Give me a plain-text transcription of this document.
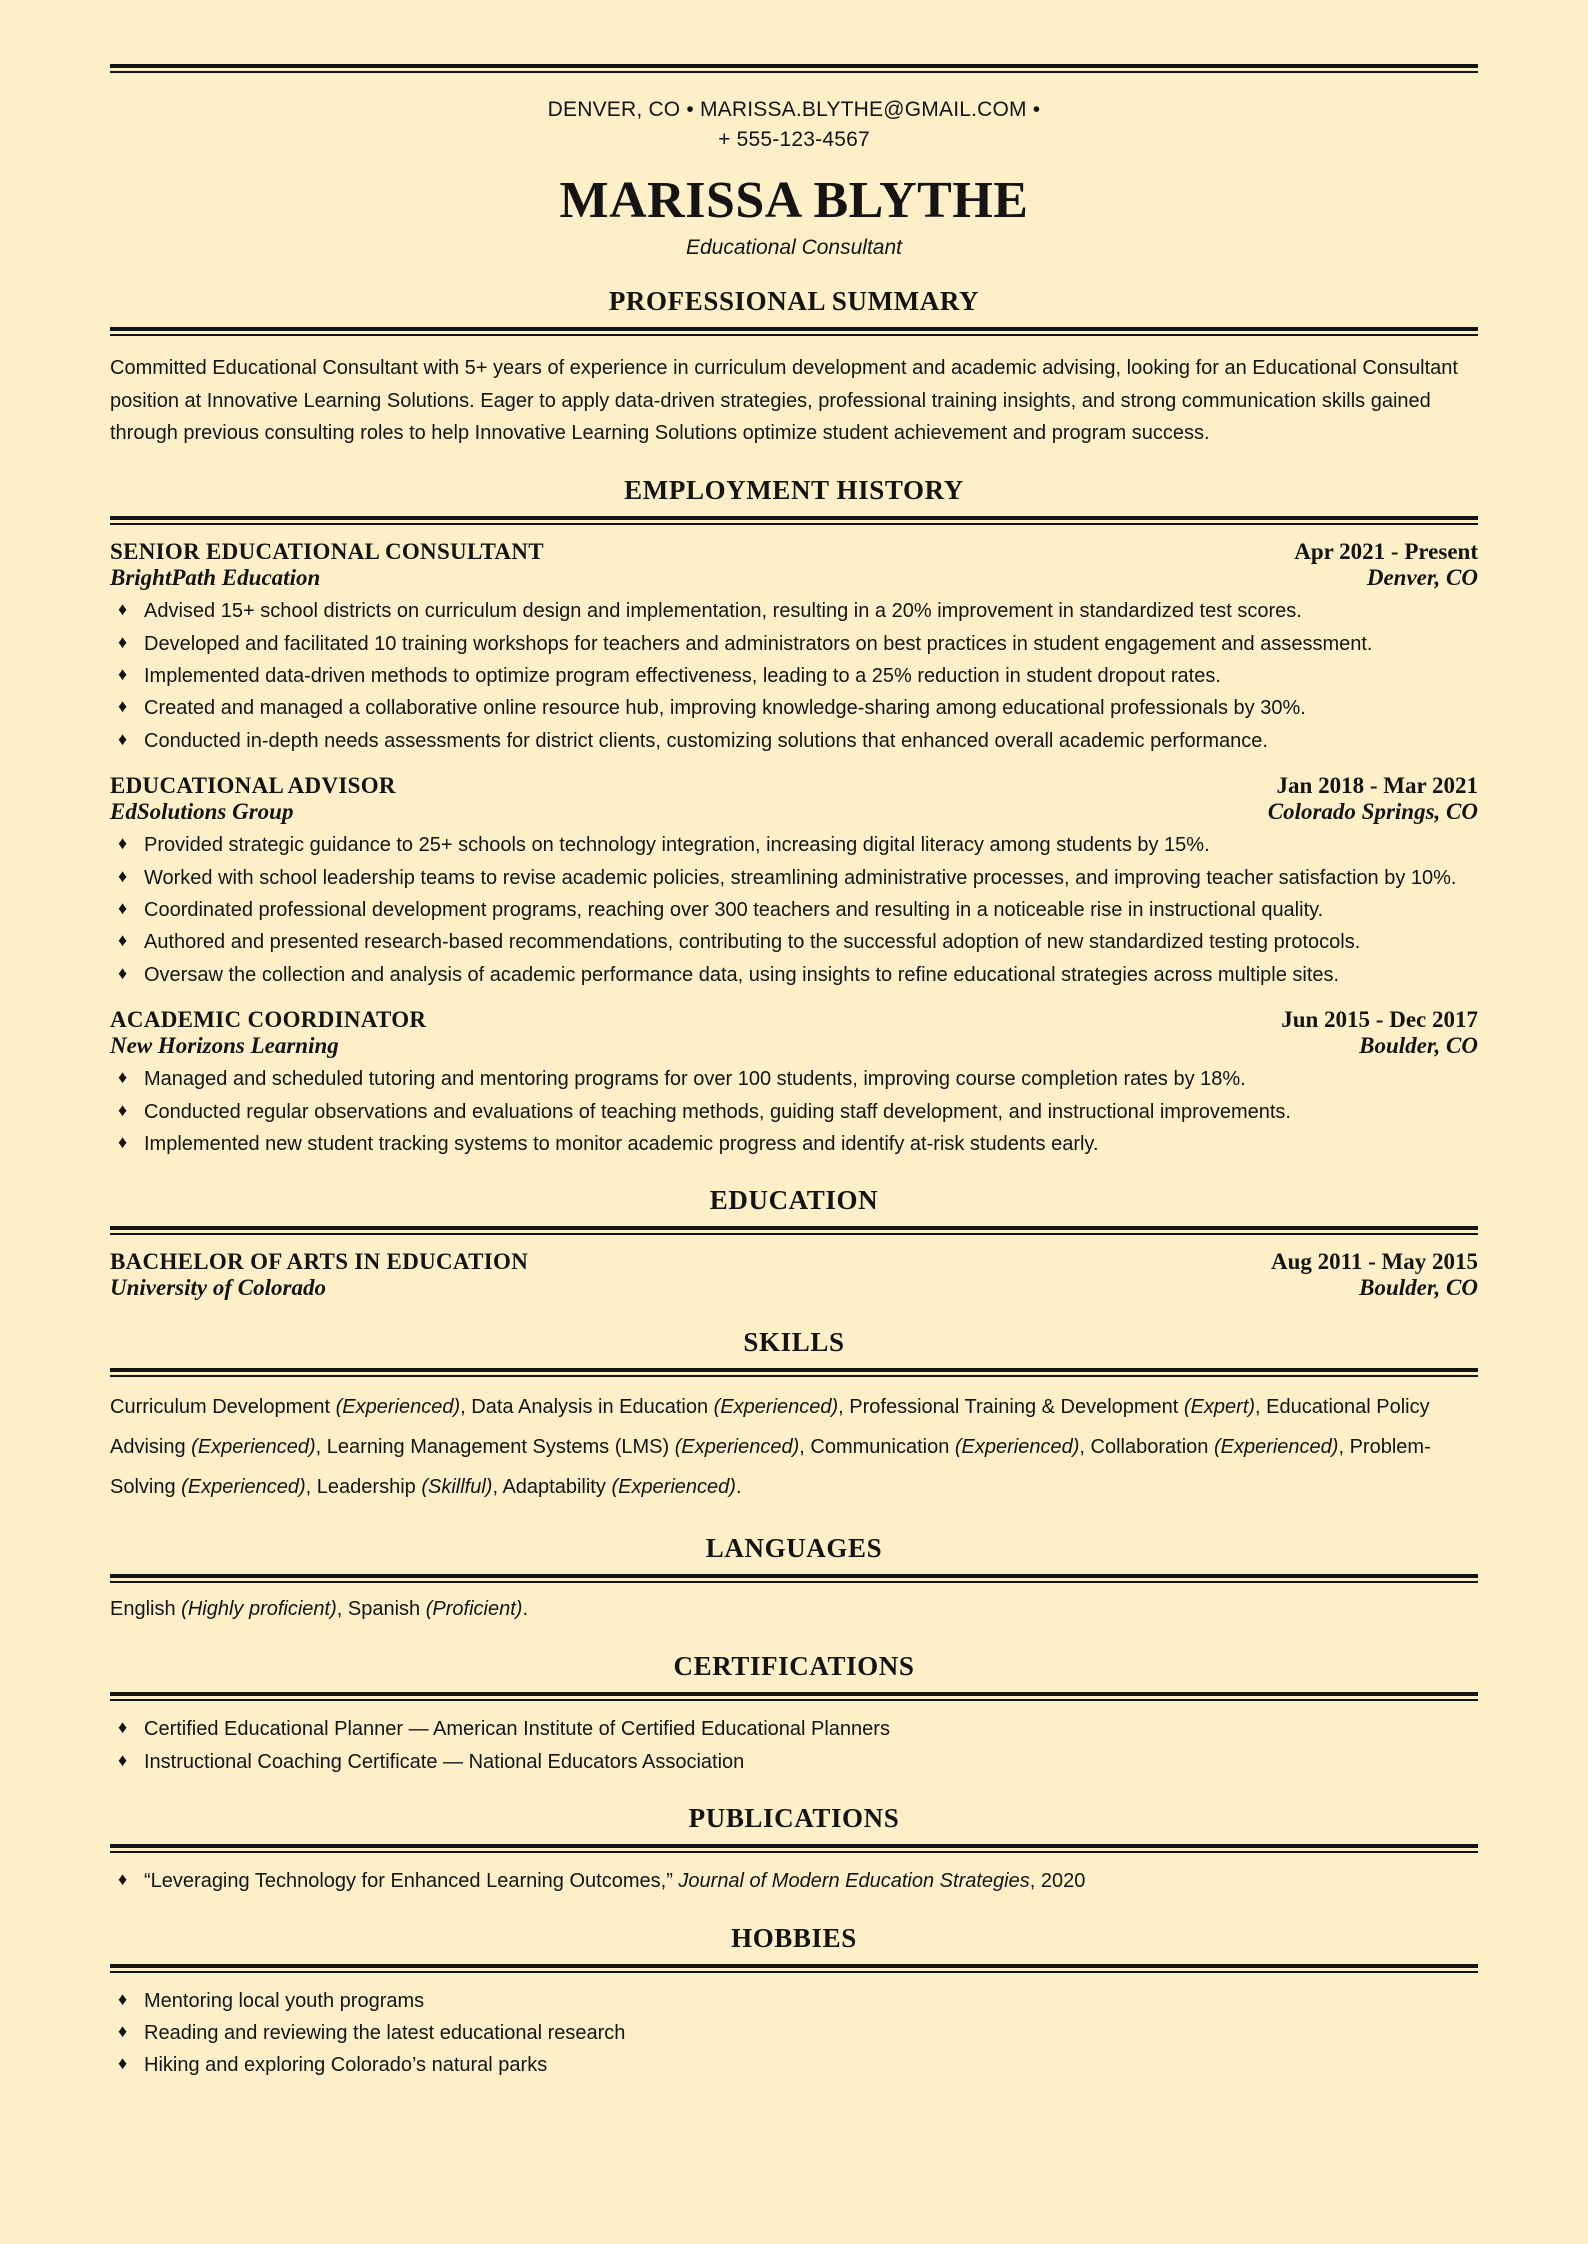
DENVER, CO • MARISSA.BLYTHE@GMAIL.COM •
+ 555-123-4567
MARISSA BLYTHE
Educational Consultant
PROFESSIONAL SUMMARY
Committed Educational Consultant with 5+ years of experience in curriculum development and academic advising, looking for an Educational Consultant position at Innovative Learning Solutions. Eager to apply data-driven strategies, professional training insights, and strong communication skills gained through previous consulting roles to help Innovative Learning Solutions optimize student achievement and program success.
EMPLOYMENT HISTORY
SENIOR EDUCATIONAL CONSULTANT	Apr 2021 - Present
BrightPath Education	Denver, CO
♦ Advised 15+ school districts on curriculum design and implementation, resulting in a 20% improvement in standardized test scores.
♦ Developed and facilitated 10 training workshops for teachers and administrators on best practices in student engagement and assessment.
♦ Implemented data-driven methods to optimize program effectiveness, leading to a 25% reduction in student dropout rates.
♦ Created and managed a collaborative online resource hub, improving knowledge-sharing among educational professionals by 30%.
♦ Conducted in-depth needs assessments for district clients, customizing solutions that enhanced overall academic performance.
EDUCATIONAL ADVISOR	Jan 2018 - Mar 2021
EdSolutions Group	Colorado Springs, CO
♦ Provided strategic guidance to 25+ schools on technology integration, increasing digital literacy among students by 15%.
♦ Worked with school leadership teams to revise academic policies, streamlining administrative processes, and improving teacher satisfaction by 10%.
♦ Coordinated professional development programs, reaching over 300 teachers and resulting in a noticeable rise in instructional quality.
♦ Authored and presented research-based recommendations, contributing to the successful adoption of new standardized testing protocols.
♦ Oversaw the collection and analysis of academic performance data, using insights to refine educational strategies across multiple sites.
ACADEMIC COORDINATOR	Jun 2015 - Dec 2017
New Horizons Learning	Boulder, CO
♦ Managed and scheduled tutoring and mentoring programs for over 100 students, improving course completion rates by 18%.
♦ Conducted regular observations and evaluations of teaching methods, guiding staff development, and instructional improvements.
♦ Implemented new student tracking systems to monitor academic progress and identify at-risk students early.
EDUCATION
BACHELOR OF ARTS IN EDUCATION	Aug 2011 - May 2015
University of Colorado	Boulder, CO
SKILLS
Curriculum Development (Experienced), Data Analysis in Education (Experienced), Professional Training & Development (Expert), Educational Policy Advising (Experienced), Learning Management Systems (LMS) (Experienced), Communication (Experienced), Collaboration (Experienced), Problem-Solving (Experienced), Leadership (Skillful), Adaptability (Experienced).
LANGUAGES
English (Highly proficient), Spanish (Proficient).
CERTIFICATIONS
♦ Certified Educational Planner — American Institute of Certified Educational Planners
♦ Instructional Coaching Certificate — National Educators Association
PUBLICATIONS
♦ “Leveraging Technology for Enhanced Learning Outcomes,” Journal of Modern Education Strategies, 2020
HOBBIES
♦ Mentoring local youth programs
♦ Reading and reviewing the latest educational research
♦ Hiking and exploring Colorado’s natural parks
